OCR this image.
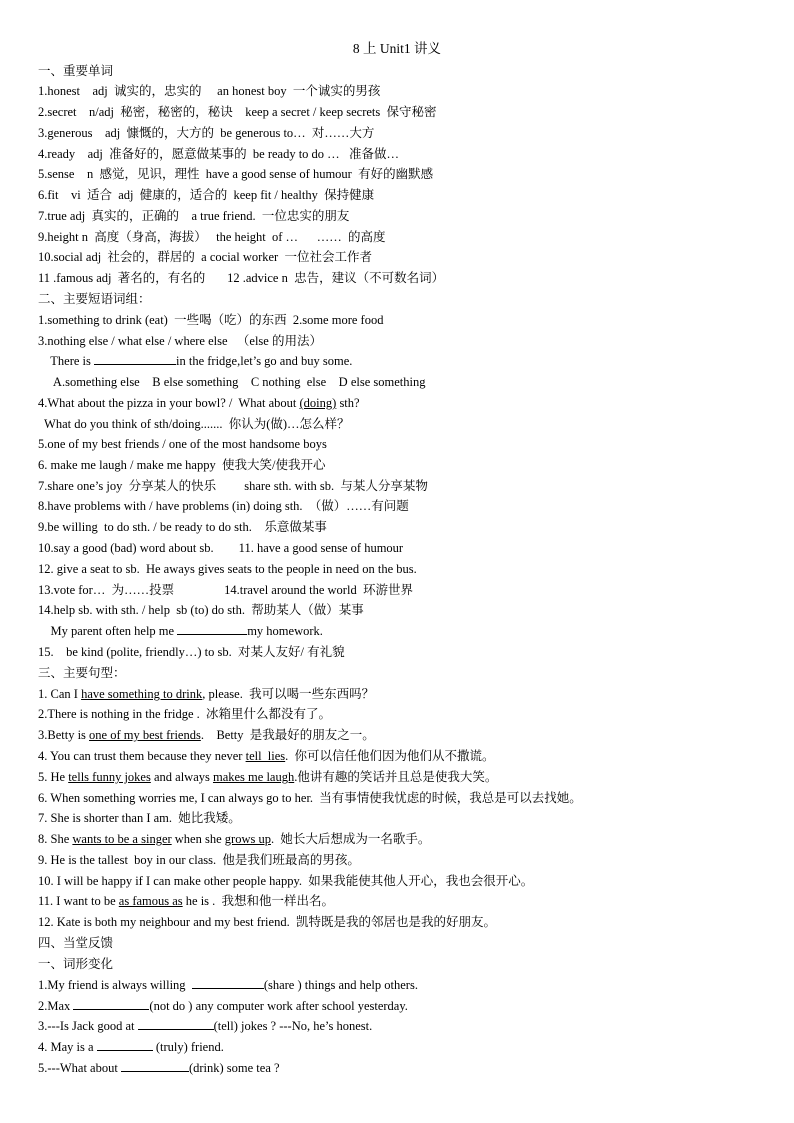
8 上 Unit1 讲义
一、重要单词
1.honest    adj  诚实的，忠实的     an honest boy  一个诚实的男孩
2.secret    n/adj  秘密，秘密的，秘诀    keep a secret / keep secrets  保守秘密
3.generous    adj  慷慨的，大方的  be generous to…  对……大方
4.ready    adj  准备好的，愿意做某事的  be ready to do …   准备做…
5.sense    n  感觉，见识，理性  have a good sense of humour  有好的幽默感
6.fit    vi  适合  adj  健康的，适合的  keep fit / healthy  保持健康
7.true adj  真实的，正确的    a true friend.  一位忠实的朋友
9.height n  高度（身高，海拔）   the height  of …      ……  的高度
10.social adj  社会的，群居的  a cocial worker  一位社会工作者
11 .famous adj  著名的，有名的       12 .advice n  忠告，建议（不可数名词）
二、主要短语词组：
1.something to drink (eat)  一些喝（吃）的东西  2.some more food
3.nothing else / what else / where else   （else 的用法）
There is	in the fridge,let’s go and buy some.
A.something else    B else something    C nothing  else    D else something
4.What about the pizza in your bowl? /  What about (doing) sth?
What do you think of sth/doing.......  你认为(做)…怎么样？
5.one of my best friends / one of the most handsome boys
6. make me laugh / make me happy  使我大笑/使我开心
7.share one’s joy  分享某人的快乐         share sth. with sb.  与某人分享某物
8.have problems with / have problems (in) doing sth.  （做）……有问题
9.be willing  to do sth. / be ready to do sth.    乐意做某事
10.say a good (bad) word about sb.        11. have a good sense of humour
12. give a seat to sb.  He aways gives seats to the people in need on the bus.
13.vote for…  为……投票                14.travel around the world  环游世界
14.help sb. with sth. / help  sb (to) do sth.  帮助某人（做）某事
My parent often help me	my homework.
15.    be kind (polite, friendly…) to sb.  对某人友好/ 有礼貌
三、主要句型：
1. Can I have something to drink, please.  我可以喝一些东西吗？
2.There is nothing in the fridge .  冰箱里什么都没有了。
3.Betty is one of my best friends.    Betty  是我最好的朋友之一。
4. You can trust them because they never tell  lies.  你可以信任他们因为他们从不撒谎。
5. He tells funny jokes and always makes me laugh.他讲有趣的笑话并且总是使我大笑。
6. When something worries me, I can always go to her.  当有事情使我忧虑的时候，我总是可以去找她。
7. She is shorter than I am.  她比我矮。
8. She wants to be a singer when she grows up.  她长大后想成为一名歌手。
9. He is the tallest  boy in our class.  他是我们班最高的男孩。
10. I will be happy if I can make other people happy.  如果我能使其他人开心，我也会很开心。
11. I want to be as famous as he is .  我想和他一样出名。
12. Kate is both my neighbour and my best friend.  凯特既是我的邻居也是我的好朋友。
四、当堂反馈
一、词形变化
1.My friend is always willing	(share ) things and help others.
2.Max	(not do ) any computer work after school yesterday.
3.---Is Jack good at	(tell) jokes ? ---No, he’s honest.
4. May is a	(truly) friend.
5.---What about	(drink) some tea ?
